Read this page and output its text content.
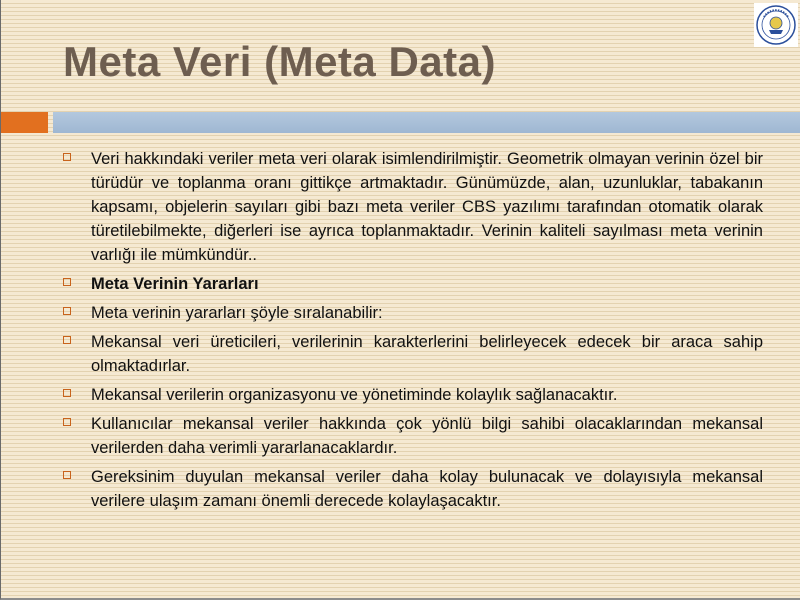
Meta Veri (Meta Data)
Veri hakkındaki veriler meta veri olarak isimlendirilmiştir. Geometrik olmayan verinin özel bir türüdür ve toplanma oranı gittikçe artmaktadır. Günümüzde, alan, uzunluklar, tabakanın kapsamı, objelerin sayıları gibi bazı meta veriler CBS yazılımı tarafından otomatik olarak türetilebilmekte, diğerleri ise ayrıca toplanmaktadır. Verinin kaliteli sayılması meta verinin varlığı ile mümkündür..
Meta Verinin Yararları
Meta verinin yararları şöyle sıralanabilir:
Mekansal veri üreticileri, verilerinin karakterlerini belirleyecek edecek bir araca sahip olmaktadırlar.
Mekansal verilerin organizasyonu ve yönetiminde kolaylık sağlanacaktır.
Kullanıcılar mekansal veriler hakkında çok yönlü bilgi sahibi olacaklarından mekansal verilerden daha verimli yararlanacaklardır.
Gereksinim duyulan mekansal veriler daha kolay bulunacak ve dolayısıyla mekansal verilere ulaşım zamanı önemli derecede kolaylaşacaktır.
